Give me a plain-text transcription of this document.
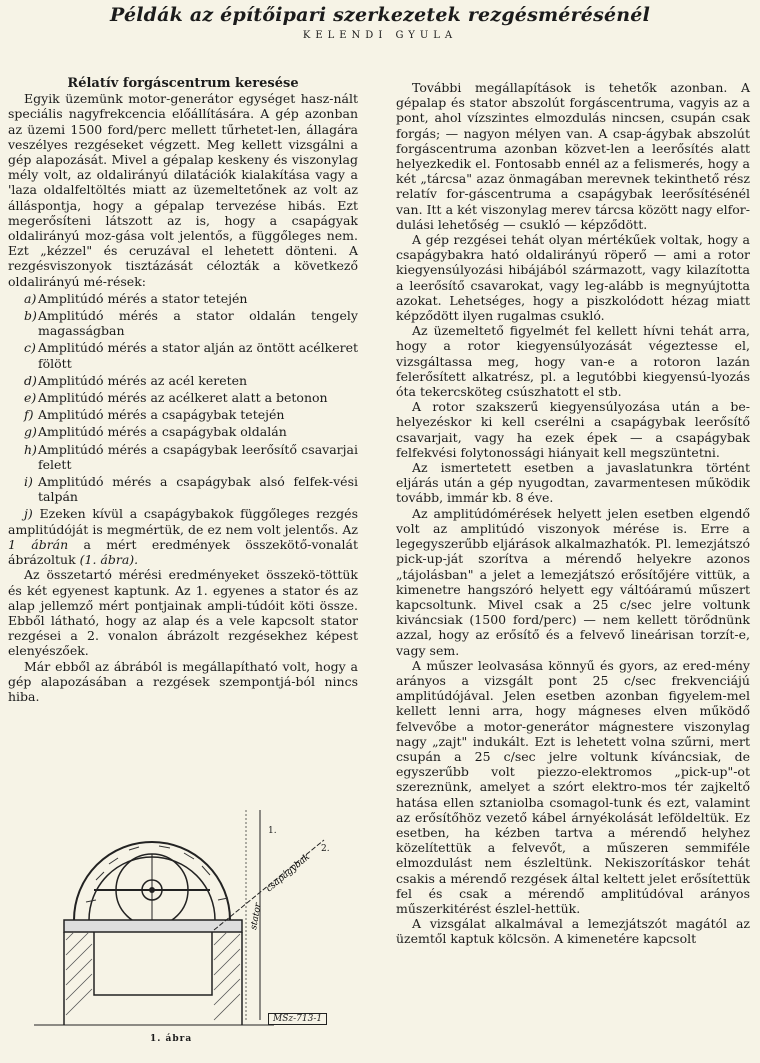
Példák az építőipari szerkezetek rezgésmérésénél
KELENDI GYULA

Rélatív forgáscentrum keresése

Egyik üzemünk motor-generátor egységet hasz-nált speciális nagyfrekcencia előállítására. A gép azonban az üzemi 1500 ford/perc mellett tűrhetet-len, állagára veszélyes rezgéseket végzett. Meg kellett vizsgálni a gép alapozását. Mivel a gépalap keskeny és viszonylag mély volt, az oldalirányú dilatációk kialakítása vagy a 'laza oldalfeltöltés miatt az üzemeltetőnek az volt az álláspontja, hogy a gépalap tervezése hibás. Ezt megerősíteni látszott az is, hogy a csapágyak oldalirányú moz-gása volt jelentős, a függőleges nem. Ezt „kézzel" és ceruzával el lehetett dönteni. A rezgésviszonyok tisztázását célozták a következő oldalirányú mé-rések:

a) Amplitúdó mérés a stator tetején
b) Amplitúdó mérés a stator oldalán tengely magasságban
c) Amplitúdó mérés a stator alján az öntött acélkeret fölött
d) Amplitúdó mérés az acél kereten
e) Amplitúdó mérés az acélkeret alatt a betonon
f) Amplitúdó mérés a csapágybak tetején
g) Amplitúdó mérés a csapágybak oldalán
h) Amplitúdó mérés a csapágybak leerősítő csavarjai felett
i) Amplitúdó mérés a csapágybak alsó felfek-vési talpán

j) Ezeken kívül a csapágybakok függőleges rezgés amplitúdóját is megmértük, de ez nem volt jelentős. Az 1 ábrán a mért eredmények összekötő-vonalát ábrázoltuk (1. ábra).

Az összetartó mérési eredményeket összekö-töttük és két egyenest kaptunk. Az 1. egyenes a stator és az alap jellemző mért pontjainak ampli-túdóit köti össze. Ebből látható, hogy az alap és a vele kapcsolt stator rezgései a 2. vonalon ábrázolt rezgésekhez képest elenyészőek.

Már ebből az ábrából is megállapítható volt, hogy a gép alapozásában a rezgések szempontjá-ból nincs hiba.

stator
csapágybak
1.
2.
MSz-713-1
1. ábra

További megállapítások is tehetők azonban. A gépalap és stator abszolút forgáscentruma, vagyis az a pont, ahol vízszintes elmozdulás nincsen, csupán csak forgás; — nagyon mélyen van. A csap-ágybak abszolút forgáscentruma azonban közvet-len a leerősítés alatt helyezkedik el. Fontosabb ennél az a felismerés, hogy a két „tárcsa" azaz önmagában merevnek tekinthető rész relatív for-gáscentruma a csapágybak leerősítésénél van. Itt a két viszonylag merev tárcsa között nagy elfor-dulási lehetőség — csukló — képződött.

A gép rezgései tehát olyan mértékűek voltak, hogy a csapágybakra ható oldalirányú röperő — ami a rotor kiegyensúlyozási hibájából származott, vagy kilazította a leerősítő csavarokat, vagy leg-alább is megnyújtotta azokat. Lehetséges, hogy a piszkolódott hézag miatt képződött ilyen rugalmas csukló.

Az üzemeltető figyelmét fel kellett hívni tehát arra, hogy a rotor kiegyensúlyozását végeztesse el, vizsgáltassa meg, hogy van-e a rotoron lazán felerősített alkatrész, pl. a legutóbbi kiegyensú-lyozás óta tekercsköteg csúszhatott el stb.

A rotor szakszerű kiegyensúlyozása után a be-helyezéskor ki kell cserélni a csapágybak leerősítő csavarjait, vagy ha ezek épek — a csapágybak felfekvési folytonossági hiányait kell megszüntetni.

Az ismertetett esetben a javaslatunkra történt eljárás után a gép nyugodtan, zavarmentesen működik tovább, immár kb. 8 éve.

Az amplitúdómérések helyett jelen esetben elgendő volt az amplitúdó viszonyok mérése is. Erre a legegyszerűbb eljárások alkalmazhatók. Pl. lemezjátszó pick-up-ját szorítva a mérendő helyekre azonos „tájolásban" a jelet a lemezjátszó erősítőjére vittük, a kimenetre hangszóró helyett egy váltóáramú műszert kapcsoltunk. Mivel csak a 25 c/sec jelre voltunk kiváncsiak (1500 ford/perc) — nem kellett törődnünk azzal, hogy az erősítő és a felvevő lineárisan torzít-e, vagy sem.

A műszer leolvasása könnyű és gyors, az ered-mény arányos a vizsgált pont 25 c/sec frekvenciájú amplitúdójával. Jelen esetben azonban figyelem-mel kellett lenni arra, hogy mágneses elven működő felvevőbe a motor-generátor mágnestere viszonylag nagy „zajt" indukált. Ezt is lehetett volna szűrni, mert csupán a 25 c/sec jelre voltunk kíváncsiak, de egyszerűbb volt piezzo-elektromos „pick-up"-ot szereznünk, amelyet a szórt elektro-mos tér zajkeltő hatása ellen sztaniolba csomagol-tunk és ezt, valamint az erősítőhöz vezető kábel árnyékolását leföldeltük. Ez esetben, ha kézben tartva a mérendő helyhez közelítettük a felvevőt, a műszeren semmiféle elmozdulást nem észleltünk. Nekiszorításkor tehát csakis a mérendő rezgések által keltett jelet erősítettük fel és csak a mérendő amplitúdóval arányos műszerkitérést észlel-hettük.

A vizsgálat alkalmával a lemezjátszót magától az üzemtől kaptuk kölcsön. A kimenetére kapcsolt
